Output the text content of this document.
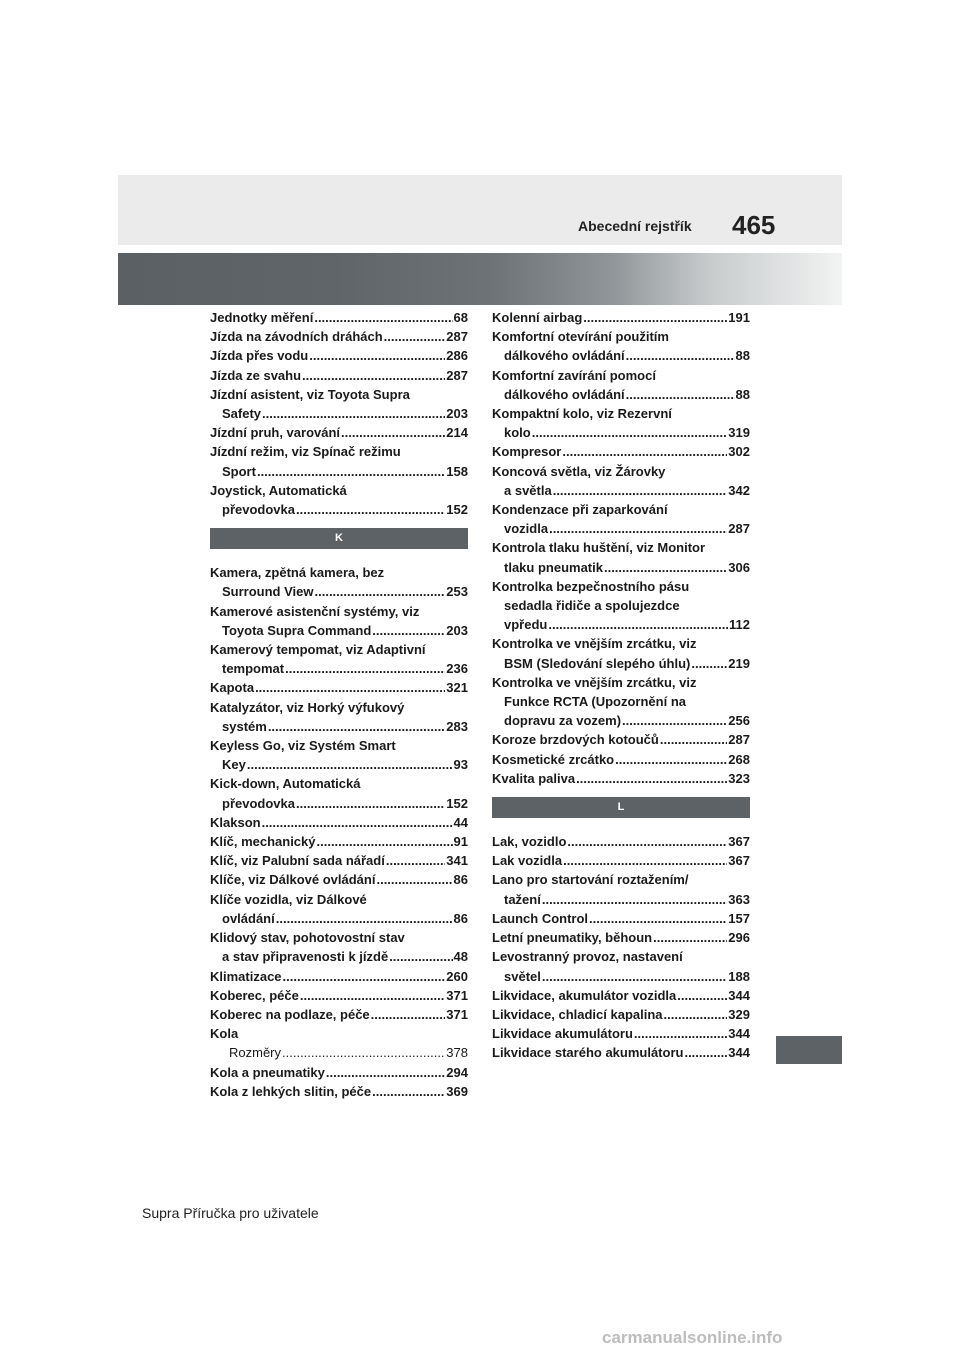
Abecední rejstřík 465
Jednotky měření .....	68
Jízda na závodních dráhách .....	287
Jízda přes vodu .....	286
Jízda ze svahu .....	287
Jízdní asistent, viz Toyota Supra
Safety .....	203
Jízdní pruh, varování .....	214
Jízdní režim, viz Spínač režimu
Sport .....	158
Joystick, Automatická
převodovka .....	152
K
Kamera, zpětná kamera, bez
Surround View .....	253
Kamerové asistenční systémy, viz
Toyota Supra Command .....	203
Kamerový tempomat, viz Adaptivní
tempomat .....	236
Kapota .....	321
Katalyzátor, viz Horký výfukový
systém .....	283
Keyless Go, viz Systém Smart
Key .....	93
Kick-down, Automatická
převodovka .....	152
Klakson .....	44
Klíč, mechanický .....	91
Klíč, viz Palubní sada nářadí .....	341
Klíče, viz Dálkové ovládání .....	86
Klíče vozidla, viz Dálkové
ovládání .....	86
Klidový stav, pohotovostní stav
a stav připravenosti k jízdě .....	48
Klimatizace .....	260
Koberec, péče .....	371
Koberec na podlaze, péče .....	371
Kola
Rozměry .....	378
Kola a pneumatiky .....	294
Kola z lehkých slitin, péče .....	369
Kolenní airbag .....	191
Komfortní otevírání použitím
dálkového ovládání .....	88
Komfortní zavírání pomocí
dálkového ovládání .....	88
Kompaktní kolo, viz Rezervní
kolo .....	319
Kompresor .....	302
Koncová světla, viz Žárovky
a světla .....	342
Kondenzace při zaparkování
vozidla .....	287
Kontrola tlaku huštění, viz Monitor
tlaku pneumatik .....	306
Kontrolka bezpečnostního pásu
sedadla řidiče a spolujezdce
vpředu .....	112
Kontrolka ve vnějším zrcátku, viz
BSM (Sledování slepého úhlu) .....	219
Kontrolka ve vnějším zrcátku, viz
Funkce RCTA (Upozornění na
dopravu za vozem) .....	256
Koroze brzdových kotoučů .....	287
Kosmetické zrcátko .....	268
Kvalita paliva .....	323
L
Lak, vozidlo .....	367
Lak vozidla .....	367
Lano pro startování roztažením/
tažení .....	363
Launch Control .....	157
Letní pneumatiky, běhoun .....	296
Levostranný provoz, nastavení
světel .....	188
Likvidace, akumulátor vozidla .....	344
Likvidace, chladicí kapalina .....	329
Likvidace akumulátoru .....	344
Likvidace starého akumulátoru .....	344
Supra Příručka pro uživatele
carmanualsonline.info
